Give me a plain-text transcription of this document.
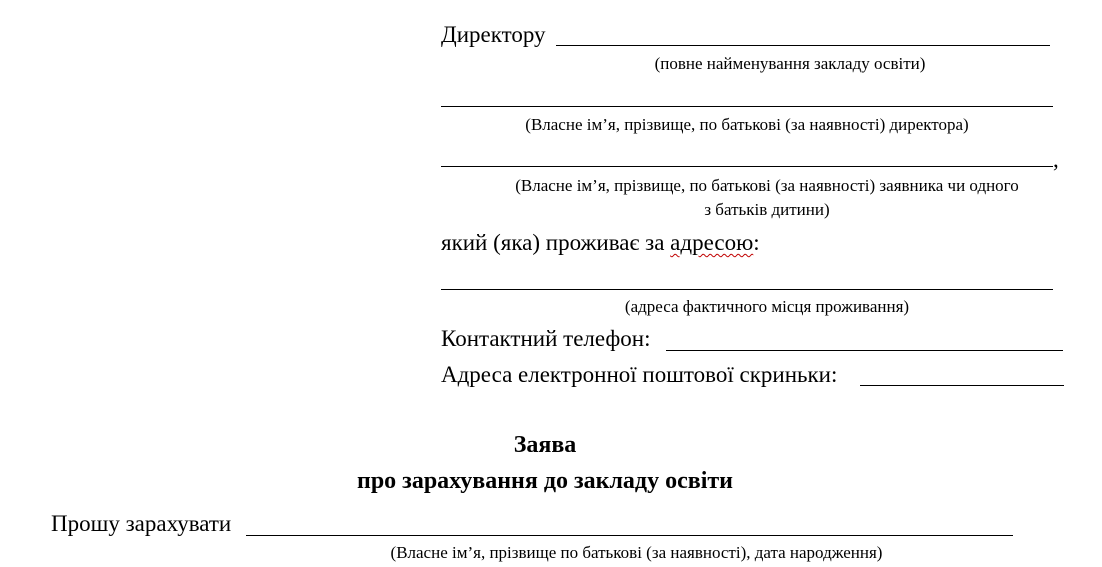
Директору
(повне найменування закладу освіти)
(Власне ім’я, прізвище, по батькові (за наявності) директора)
,
(Власне ім’я, прізвище, по батькові (за наявності) заявника чи одного
з батьків дитини)
який (яка) проживає за адресою:
(адреса фактичного місця проживання)
Контактний телефон:
Адреса електронної поштової скриньки:
Заява
про зарахування до закладу освіти
Прошу зарахувати
(Власне ім’я, прізвище по батькові (за наявності), дата народження)
